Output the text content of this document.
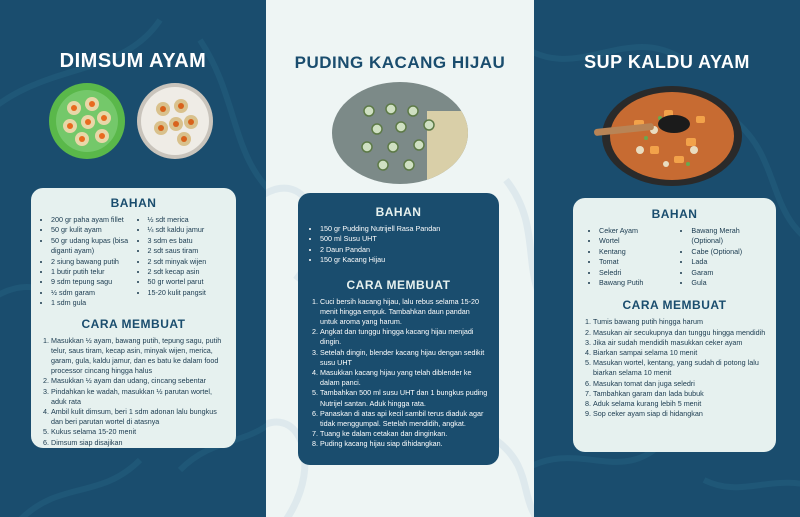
DIMSUM AYAM
BAHAN
• 200 gr paha ayam fillet
• 50 gr kulit ayam
• 50 gr udang kupas (bisa diganti ayam)
• 2 siung bawang putih
• 1 butir putih telur
• 9 sdm tepung sagu
• ½ sdm garam
• 1 sdm gula
• ½ sdt merica
• ¼ sdt kaldu jamur
• 3 sdm es batu
• 2 sdt saus tiram
• 2 sdt minyak wijen
• 2 sdt kecap asin
• 50 gr wortel parut
• 15-20 kulit pangsit
CARA MEMBUAT
1. Masukkan ½ ayam, bawang putih, tepung sagu, putih telur, saus tiram, kecap asin, minyak wijen, merica, garam, gula, kaldu jamur, dan es batu ke dalam food processor cincang hingga halus
2. Masukkan ½ ayam dan udang, cincang sebentar
3. Pindahkan ke wadah, masukkan ½ parutan wortel, aduk rata
4. Ambil kulit dimsum, beri 1 sdm adonan lalu bungkus dan beri parutan wortel di atasnya
5. Kukus selama 15-20 menit
6. Dimsum siap disajikan
PUDING KACANG HIJAU
BAHAN
• 150 gr Pudding Nutrijell Rasa Pandan
• 500 ml Susu UHT
• 2 Daun Pandan
• 150 gr Kacang Hijau
CARA MEMBUAT
1. Cuci bersih kacang hijau, lalu rebus selama 15-20 menit hingga empuk. Tambahkan daun pandan untuk aroma yang harum.
2. Angkat dan tunggu hingga kacang hijau menjadi dingin.
3. Setelah dingin, blender kacang hijau dengan sedikit susu UHT
4. Masukkan kacang hijau yang telah diblender ke dalam panci.
5. Tambahkan 500 ml susu UHT dan 1 bungkus puding Nutrijel santan. Aduk hingga rata.
6. Panaskan di atas api kecil sambil terus diaduk agar tidak menggumpal. Setelah mendidih, angkat.
7. Tuang ke dalam cetakan dan dinginkan.
8. Puding kacang hijau siap dihidangkan.
SUP KALDU AYAM
BAHAN
• Ceker Ayam
• Wortel
• Kentang
• Tomat
• Seledri
• Bawang Putih
• Bawang Merah (Optional)
• Cabe (Optional)
• Lada
• Garam
• Gula
CARA MEMBUAT
1. Tumis bawang putih hingga harum
2. Masukan air secukupnya dan tunggu hingga mendidih
3. Jika air sudah mendidih masukkan ceker ayam
4. Biarkan sampai selama 10 menit
5. Masukan wortel, kentang, yang sudah di potong lalu biarkan selama 10 menit
6. Masukan tomat dan juga seledri
7. Tambahkan garam dan lada bubuk
8. Aduk selama kurang lebih 5 menit
9. Sop ceker ayam siap di hidangkan
